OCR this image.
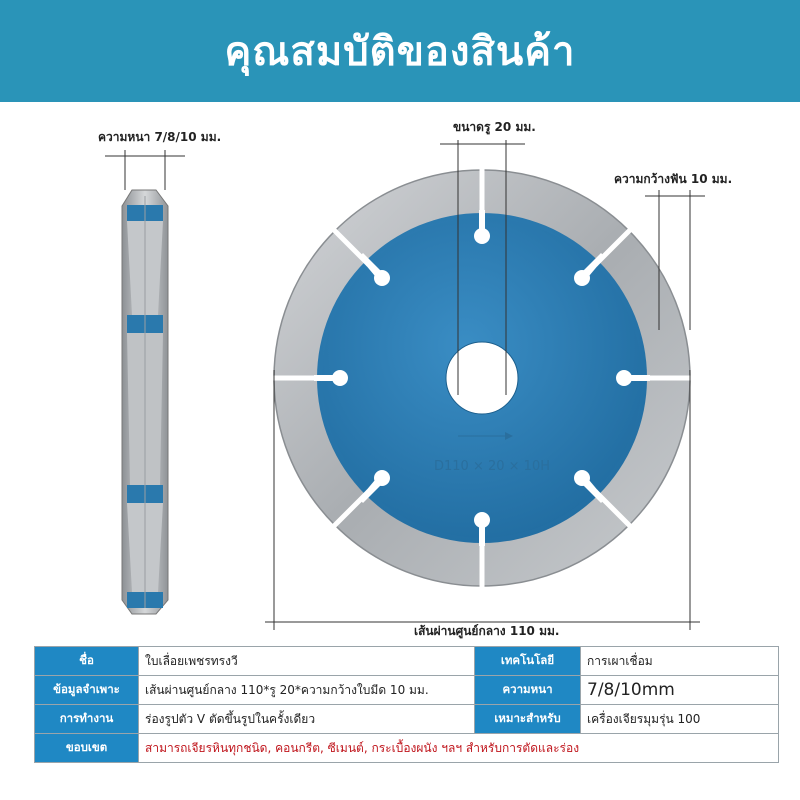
คุณสมบัติของสินค้า
D110 × 20 × 10H
ความหนา 7/8/10 มม.
ขนาดรู 20 มม.
ความกว้างฟัน 10 มม.
เส้นผ่านศูนย์กลาง 110 มม.
ชื่อ	ใบเลื่อยเพชรทรงวี	เทคโนโลยี	การเผาเชื่อม
ข้อมูลจำเพาะ	เส้นผ่านศูนย์กลาง 110*รู 20*ความกว้างใบมีด 10 มม.	ความหนา	7/8/10mm
การทำงาน	ร่องรูปตัว V ตัดขึ้นรูปในครั้งเดียว	เหมาะสำหรับ	เครื่องเจียรมุมรุ่น 100
ขอบเขต	สามารถเจียรหินทุกชนิด, คอนกรีต, ซีเมนต์, กระเบื้องผนัง ฯลฯ สำหรับการตัดและร่อง		
